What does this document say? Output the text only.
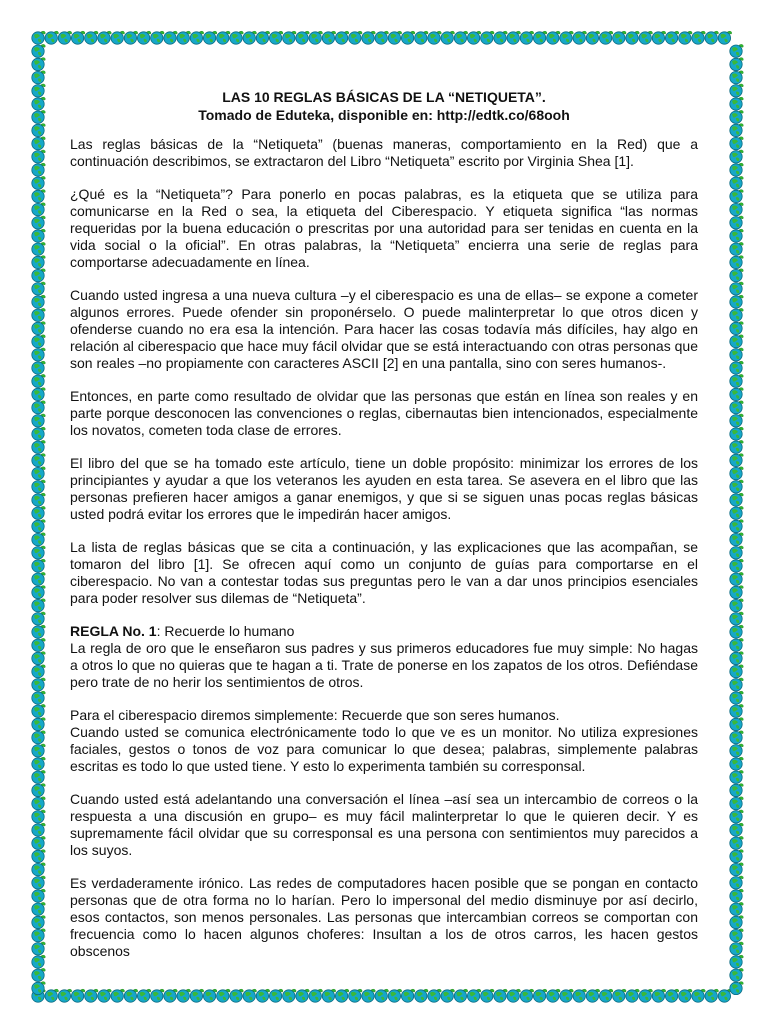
LAS 10 REGLAS BÁSICAS DE LA “NETIQUETA”.
Tomado de Eduteka, disponible en: http://edtk.co/68ooh

Las reglas básicas de la “Netiqueta” (buenas maneras, comportamiento en la Red) que a continuación describimos, se extractaron del Libro “Netiqueta” escrito por Virginia Shea [1].

¿Qué es la “Netiqueta”? Para ponerlo en pocas palabras, es la etiqueta que se utiliza para comunicarse en la Red o sea, la etiqueta del Ciberespacio. Y etiqueta significa “las normas requeridas por la buena educación o prescritas por una autoridad para ser tenidas en cuenta en la vida social o la oficial”. En otras palabras, la “Netiqueta” encierra una serie de reglas para comportarse adecuadamente en línea.

Cuando usted ingresa a una nueva cultura –y el ciberespacio es una de ellas– se expone a cometer algunos errores. Puede ofender sin proponérselo. O puede malinterpretar lo que otros dicen y ofenderse cuando no era esa la intención. Para hacer las cosas todavía más difíciles, hay algo en relación al ciberespacio que hace muy fácil olvidar que se está interactuando con otras personas que son reales –no propiamente con caracteres ASCII [2] en una pantalla, sino con seres humanos-.

Entonces, en parte como resultado de olvidar que las personas que están en línea son reales y en parte porque desconocen las convenciones o reglas, cibernautas bien intencionados, especialmente los novatos, cometen toda clase de errores.

El libro del que se ha tomado este artículo, tiene un doble propósito: minimizar los errores de los principiantes y ayudar a que los veteranos les ayuden en esta tarea. Se asevera en el libro que las personas prefieren hacer amigos a ganar enemigos, y que si se siguen unas pocas reglas básicas usted podrá evitar los errores que le impedirán hacer amigos.

La lista de reglas básicas que se cita a continuación, y las explicaciones que las acompañan, se tomaron del libro [1]. Se ofrecen aquí como un conjunto de guías para comportarse en el ciberespacio. No van a contestar todas sus preguntas pero le van a dar unos principios esenciales para poder resolver sus dilemas de “Netiqueta”.

REGLA No. 1: Recuerde lo humano
La regla de oro que le enseñaron sus padres y sus primeros educadores fue muy simple: No hagas a otros lo que no quieras que te hagan a ti. Trate de ponerse en los zapatos de los otros. Defiéndase pero trate de no herir los sentimientos de otros.

Para el ciberespacio diremos simplemente: Recuerde que son seres humanos.
Cuando usted se comunica electrónicamente todo lo que ve es un monitor. No utiliza expresiones faciales, gestos o tonos de voz para comunicar lo que desea; palabras, simplemente palabras escritas es todo lo que usted tiene. Y esto lo experimenta también su corresponsal.

Cuando usted está adelantando una conversación el línea –así sea un intercambio de correos o la respuesta a una discusión en grupo– es muy fácil malinterpretar lo que le quieren decir. Y es supremamente fácil olvidar que su corresponsal es una persona con sentimientos muy parecidos a los suyos.

Es verdaderamente irónico. Las redes de computadores hacen posible que se pongan en contacto personas que de otra forma no lo harían. Pero lo impersonal del medio disminuye por así decirlo, esos contactos, son menos personales. Las personas que intercambian correos se comportan con frecuencia como lo hacen algunos choferes: Insultan a los de otros carros, les hacen gestos obscenos
